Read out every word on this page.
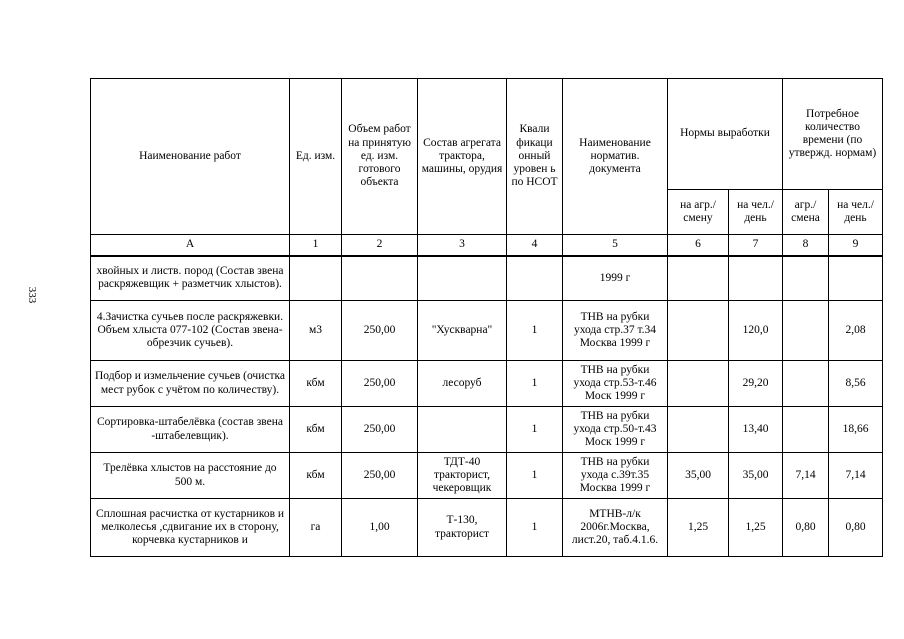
333
Наименование работ	Ед. изм.	Объем работ на принятую ед. изм. готового объекта	Состав агрегата трактора, машины, орудия	Квали фикаци онный уровен ь по НСОТ	Наименование норматив. документа	Нормы выработки		Потребное количество времени (по утвержд. нормам)	
						на агр./ смену	на чел./ день	агр./ смена	на чел./ день
А	1	2	3	4	5	6	7	8	9
хвойных и листв. пород (Состав звена раскряжевщик + разметчик хлыстов).					1999 г				
4.Зачистка сучьев после раскряжевки. Объем хлыста 077-102 (Состав звена-обрезчик сучьев).	м3	250,00	"Хускварна"	1	ТНВ на рубки ухода стр.37 т.34 Москва 1999 г		120,0		2,08
Подбор и измельчение сучьев (очистка мест рубок с учётом по количеству).	кбм	250,00	лесоруб	1	ТНВ на рубки ухода стр.53-т.46 Моск 1999 г		29,20		8,56
Сортировка-штабелёвка (состав звена -штабелевщик).	кбм	250,00		1	ТНВ на рубки ухода стр.50-т.43 Моск 1999 г		13,40		18,66
Трелёвка хлыстов на расстояние до 500 м.	кбм	250,00	ТДТ-40 тракторист, чекеровщик	1	ТНВ на рубки ухода с.39т.35 Москва 1999 г	35,00	35,00	7,14	7,14
Сплошная расчистка от кустарников и мелколесья ,сдвигание их в сторону, корчевка кустарников и	га	1,00	Т-130, тракторист	1	МТНВ-л/к 2006г.Москва, лист.20, таб.4.1.6.	1,25	1,25	0,80	0,80
